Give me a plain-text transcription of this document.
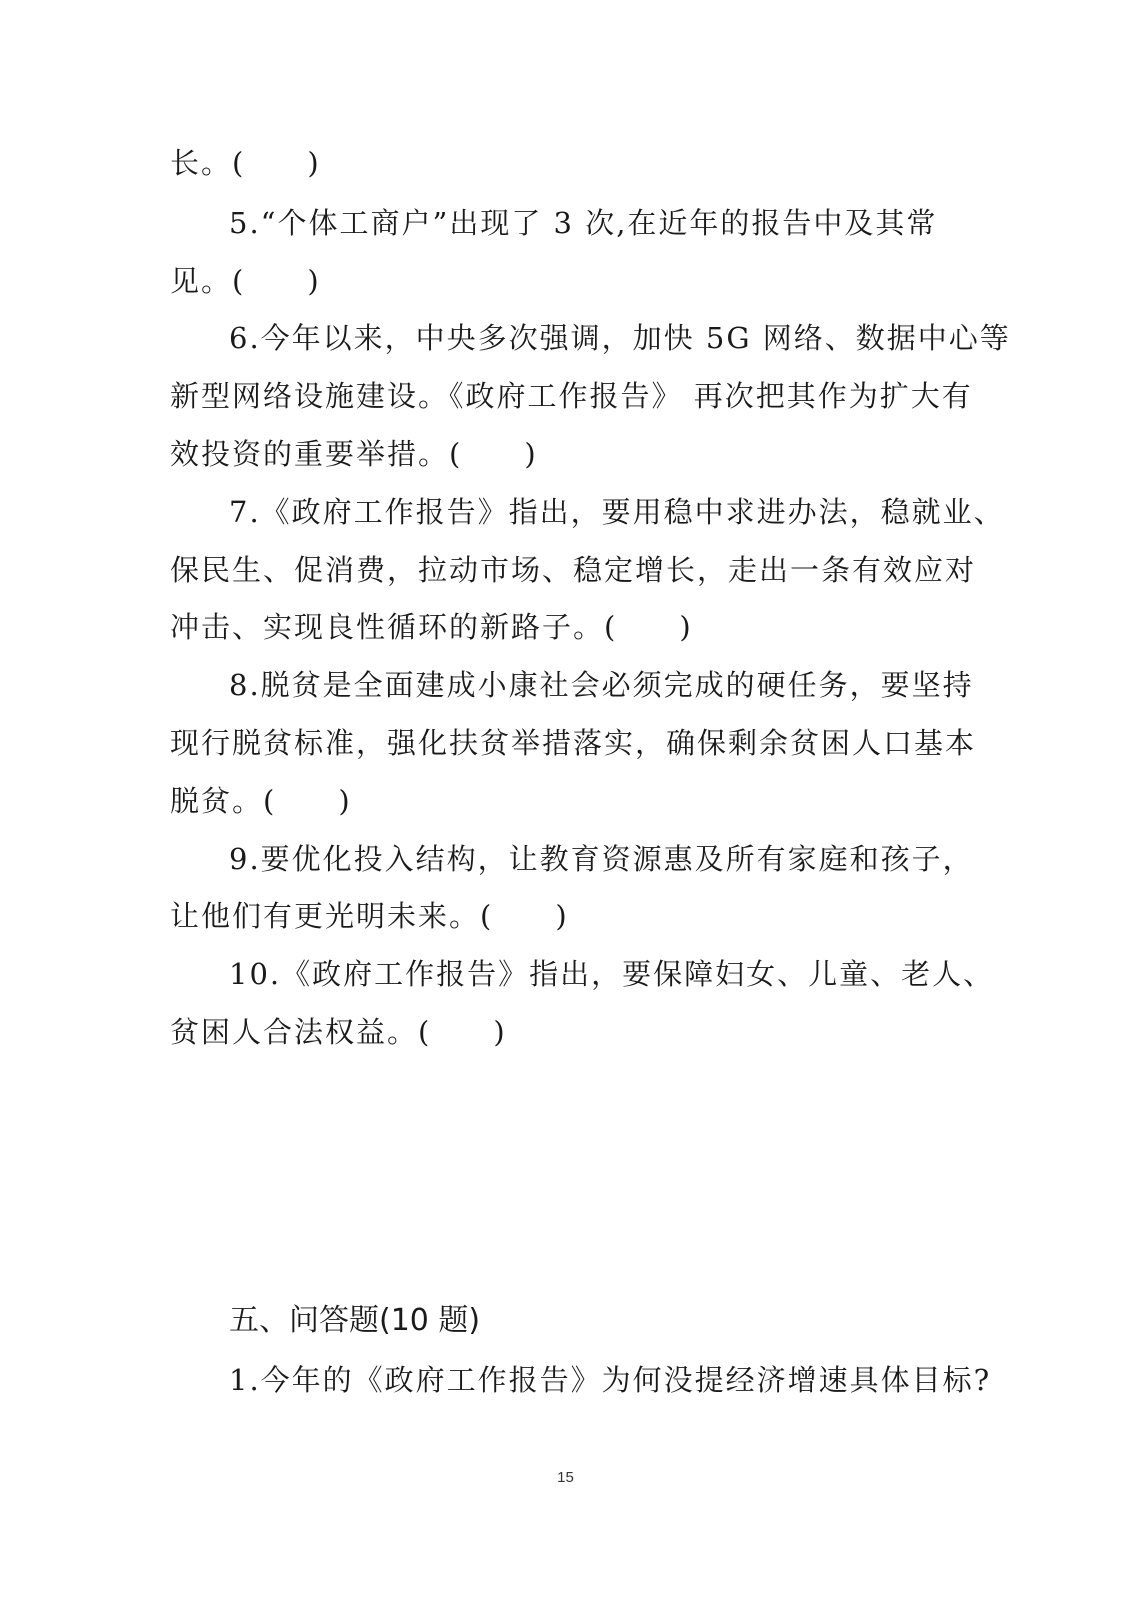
长。(　　)
5.“个体工商户”出现了 3 次,在近年的报告中及其常
见。(　　)
6.今年以来，中央多次强调，加快 5G 网络、数据中心等
新型网络设施建设。《政府工作报告》 再次把其作为扩大有
效投资的重要举措。(　　)
7.《政府工作报告》指出，要用稳中求进办法，稳就业、
保民生、促消费，拉动市场、稳定增长，走出一条有效应对
冲击、实现良性循环的新路子。(　　)
8.脱贫是全面建成小康社会必须完成的硬任务，要坚持
现行脱贫标准，强化扶贫举措落实，确保剩余贫困人口基本
脱贫。(　　)
9.要优化投入结构，让教育资源惠及所有家庭和孩子，
让他们有更光明未来。(　　)
10.《政府工作报告》指出，要保障妇女、儿童、老人、
贫困人合法权益。(　　)
五、问答题(10 题)
1.今年的《政府工作报告》为何没提经济增速具体目标?
15
